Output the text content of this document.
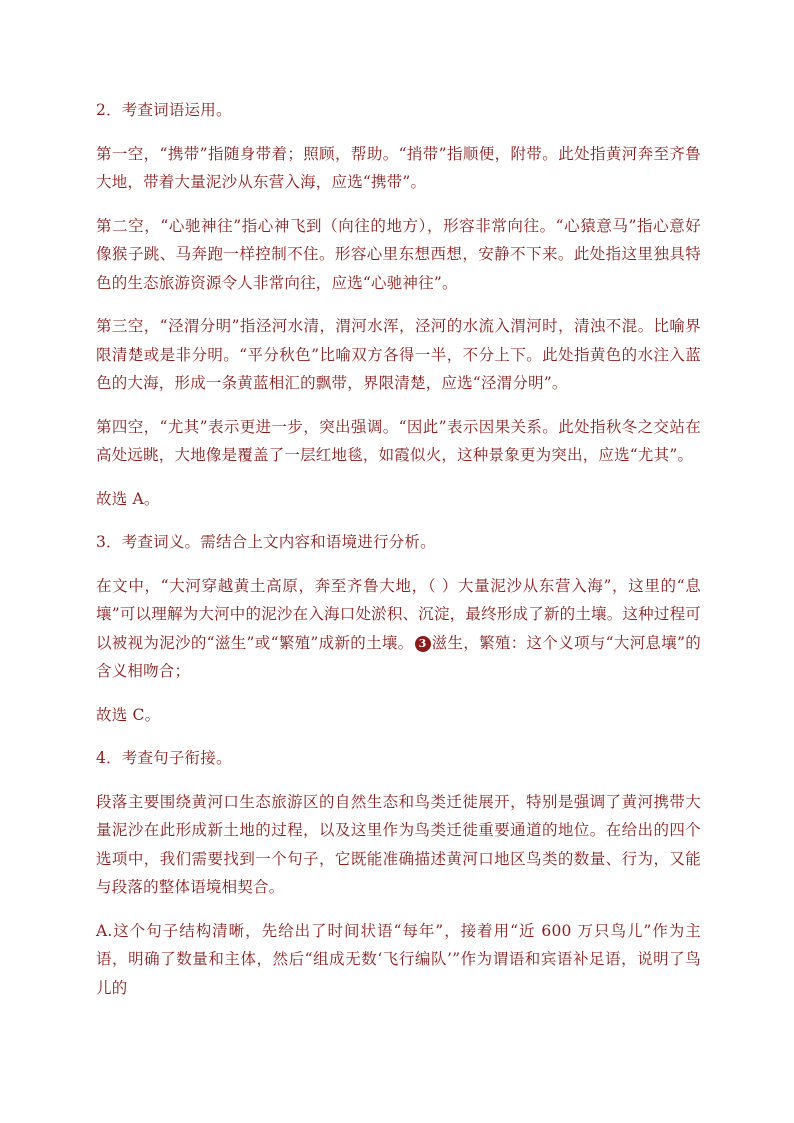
2．考查词语运用。

第一空，“携带”指随身带着；照顾，帮助。“捎带”指顺便，附带。此处指黄河奔至齐鲁大地，带着大量泥沙从东营入海，应选“携带”。

第二空，“心驰神往”指心神飞到（向往的地方），形容非常向往。“心猿意马”指心意好像猴子跳、马奔跑一样控制不住。形容心里东想西想，安静不下来。此处指这里独具特色的生态旅游资源令人非常向往，应选“心驰神往”。

第三空，“泾渭分明”指泾河水清，渭河水浑，泾河的水流入渭河时，清浊不混。比喻界限清楚或是非分明。“平分秋色”比喻双方各得一半，不分上下。此处指黄色的水注入蓝色的大海，形成一条黄蓝相汇的飘带，界限清楚，应选“泾渭分明”。

第四空，“尤其”表示更进一步，突出强调。“因此”表示因果关系。此处指秋冬之交站在高处远眺，大地像是覆盖了一层红地毯，如霞似火，这种景象更为突出，应选“尤其”。

故选 A。

3．考查词义。需结合上文内容和语境进行分析。

在文中，“大河穿越黄土高原，奔至齐鲁大地，（ ）大量泥沙从东营入海”，这里的“息壤”可以理解为大河中的泥沙在入海口处淤积、沉淀，最终形成了新的土壤。这种过程可以被视为泥沙的“滋生”或“繁殖”成新的土壤。 3 滋生，繁殖：这个义项与“大河息壤”的含义相吻合；

故选 C。

4．考查句子衔接。

段落主要围绕黄河口生态旅游区的自然生态和鸟类迁徙展开，特别是强调了黄河携带大量泥沙在此形成新土地的过程，以及这里作为鸟类迁徙重要通道的地位。在给出的四个选项中，我们需要找到一个句子，它既能准确描述黄河口地区鸟类的数量、行为，又能与段落的整体语境相契合。

A.这个句子结构清晰，先给出了时间状语“每年”，接着用“近 600 万只鸟儿”作为主语，明确了数量和主体，然后“组成无数‘飞行编队’”作为谓语和宾语补足语，说明了鸟儿的
